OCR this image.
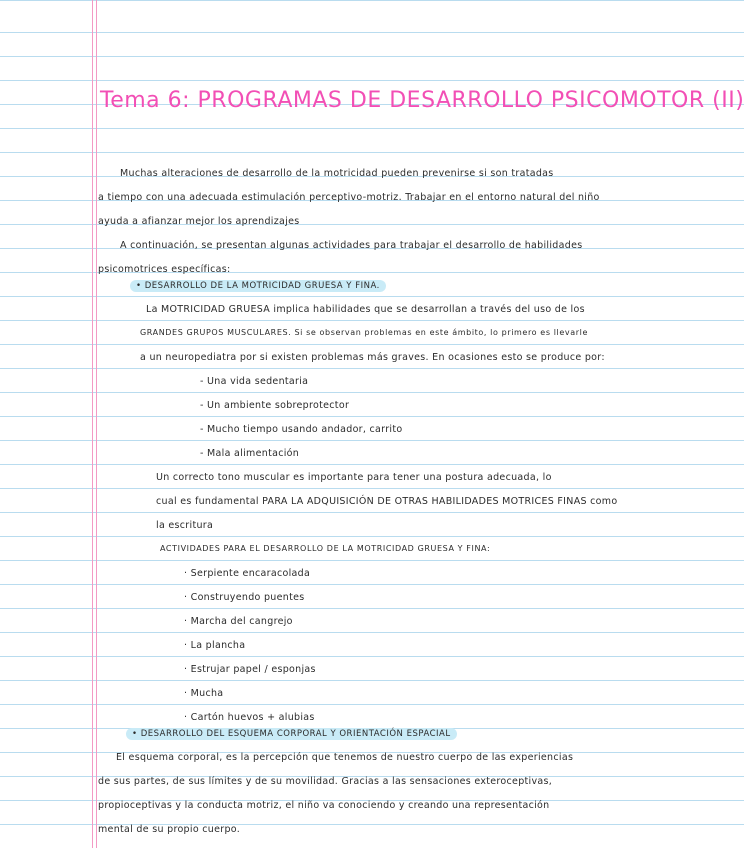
Tema 6: PROGRAMAS DE DESARROLLO PSICOMOTOR (II)
Muchas alteraciones de desarrollo de la motricidad pueden prevenirse si son tratadas
a tiempo con una adecuada estimulación perceptivo-motriz. Trabajar en el entorno natural del niño
ayuda a afianzar mejor los aprendizajes
A continuación, se presentan algunas actividades para trabajar el desarrollo de habilidades
psicomotrices específicas:
• DESARROLLO DE LA MOTRICIDAD GRUESA Y FINA.
La MOTRICIDAD GRUESA implica habilidades que se desarrollan a través del uso de los
GRANDES GRUPOS MUSCULARES. Si se observan problemas en este ámbito, lo primero es llevarle
a un neuropediatra por si existen problemas más graves. En ocasiones esto se produce por:
- Una vida sedentaria
- Un ambiente sobreprotector
- Mucho tiempo usando andador, carrito
- Mala alimentación
Un correcto tono muscular es importante para tener una postura adecuada, lo
cual es fundamental PARA LA ADQUISICIÓN DE OTRAS HABILIDADES MOTRICES FINAS como
la escritura
ACTIVIDADES PARA EL DESARROLLO DE LA MOTRICIDAD GRUESA Y FINA:
· Serpiente encaracolada
· Construyendo puentes
· Marcha del cangrejo
· La plancha
· Estrujar papel / esponjas
· Mucha
· Cartón huevos + alubias
• DESARROLLO DEL ESQUEMA CORPORAL Y ORIENTACIÓN ESPACIAL
El esquema corporal, es la percepción que tenemos de nuestro cuerpo de las experiencias
de sus partes, de sus límites y de su movilidad. Gracias a las sensaciones exteroceptivas,
propioceptivas y la conducta motriz, el niño va conociendo y creando una representación
mental de su propio cuerpo.
